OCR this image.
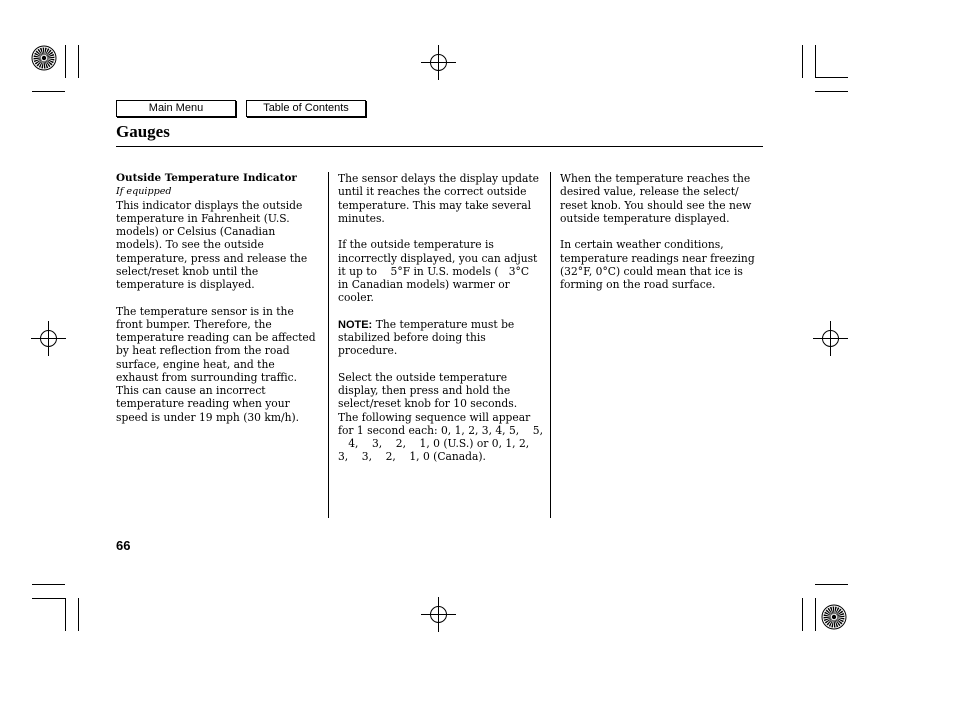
Main Menu	Table of Contents
Gauges
Outside Temperature Indicator
If equipped
This indicator displays the outside
temperature in Fahrenheit (U.S.
models) or Celsius (Canadian
models). To see the outside
temperature, press and release the
select/reset knob until the
temperature is displayed.
The temperature sensor is in the
front bumper. Therefore, the
temperature reading can be affected
by heat reflection from the road
surface, engine heat, and the
exhaust from surrounding traffic.
This can cause an incorrect
temperature reading when your
speed is under 19 mph (30 km/h).
The sensor delays the display update
until it reaches the correct outside
temperature. This may take several
minutes.
If the outside temperature is
incorrectly displayed, you can adjust
it up to    5°F in U.S. models (   3°C
in Canadian models) warmer or
cooler.
NOTE: The temperature must be
stabilized before doing this
procedure.
Select the outside temperature
display, then press and hold the
select/reset knob for 10 seconds.
The following sequence will appear
for 1 second each: 0, 1, 2, 3, 4, 5,    5,
4,    3,    2,    1, 0 (U.S.) or 0, 1, 2,
3,    3,    2,    1, 0 (Canada).
When the temperature reaches the
desired value, release the select/
reset knob. You should see the new
outside temperature displayed.
In certain weather conditions,
temperature readings near freezing
(32°F, 0°C) could mean that ice is
forming on the road surface.
66
